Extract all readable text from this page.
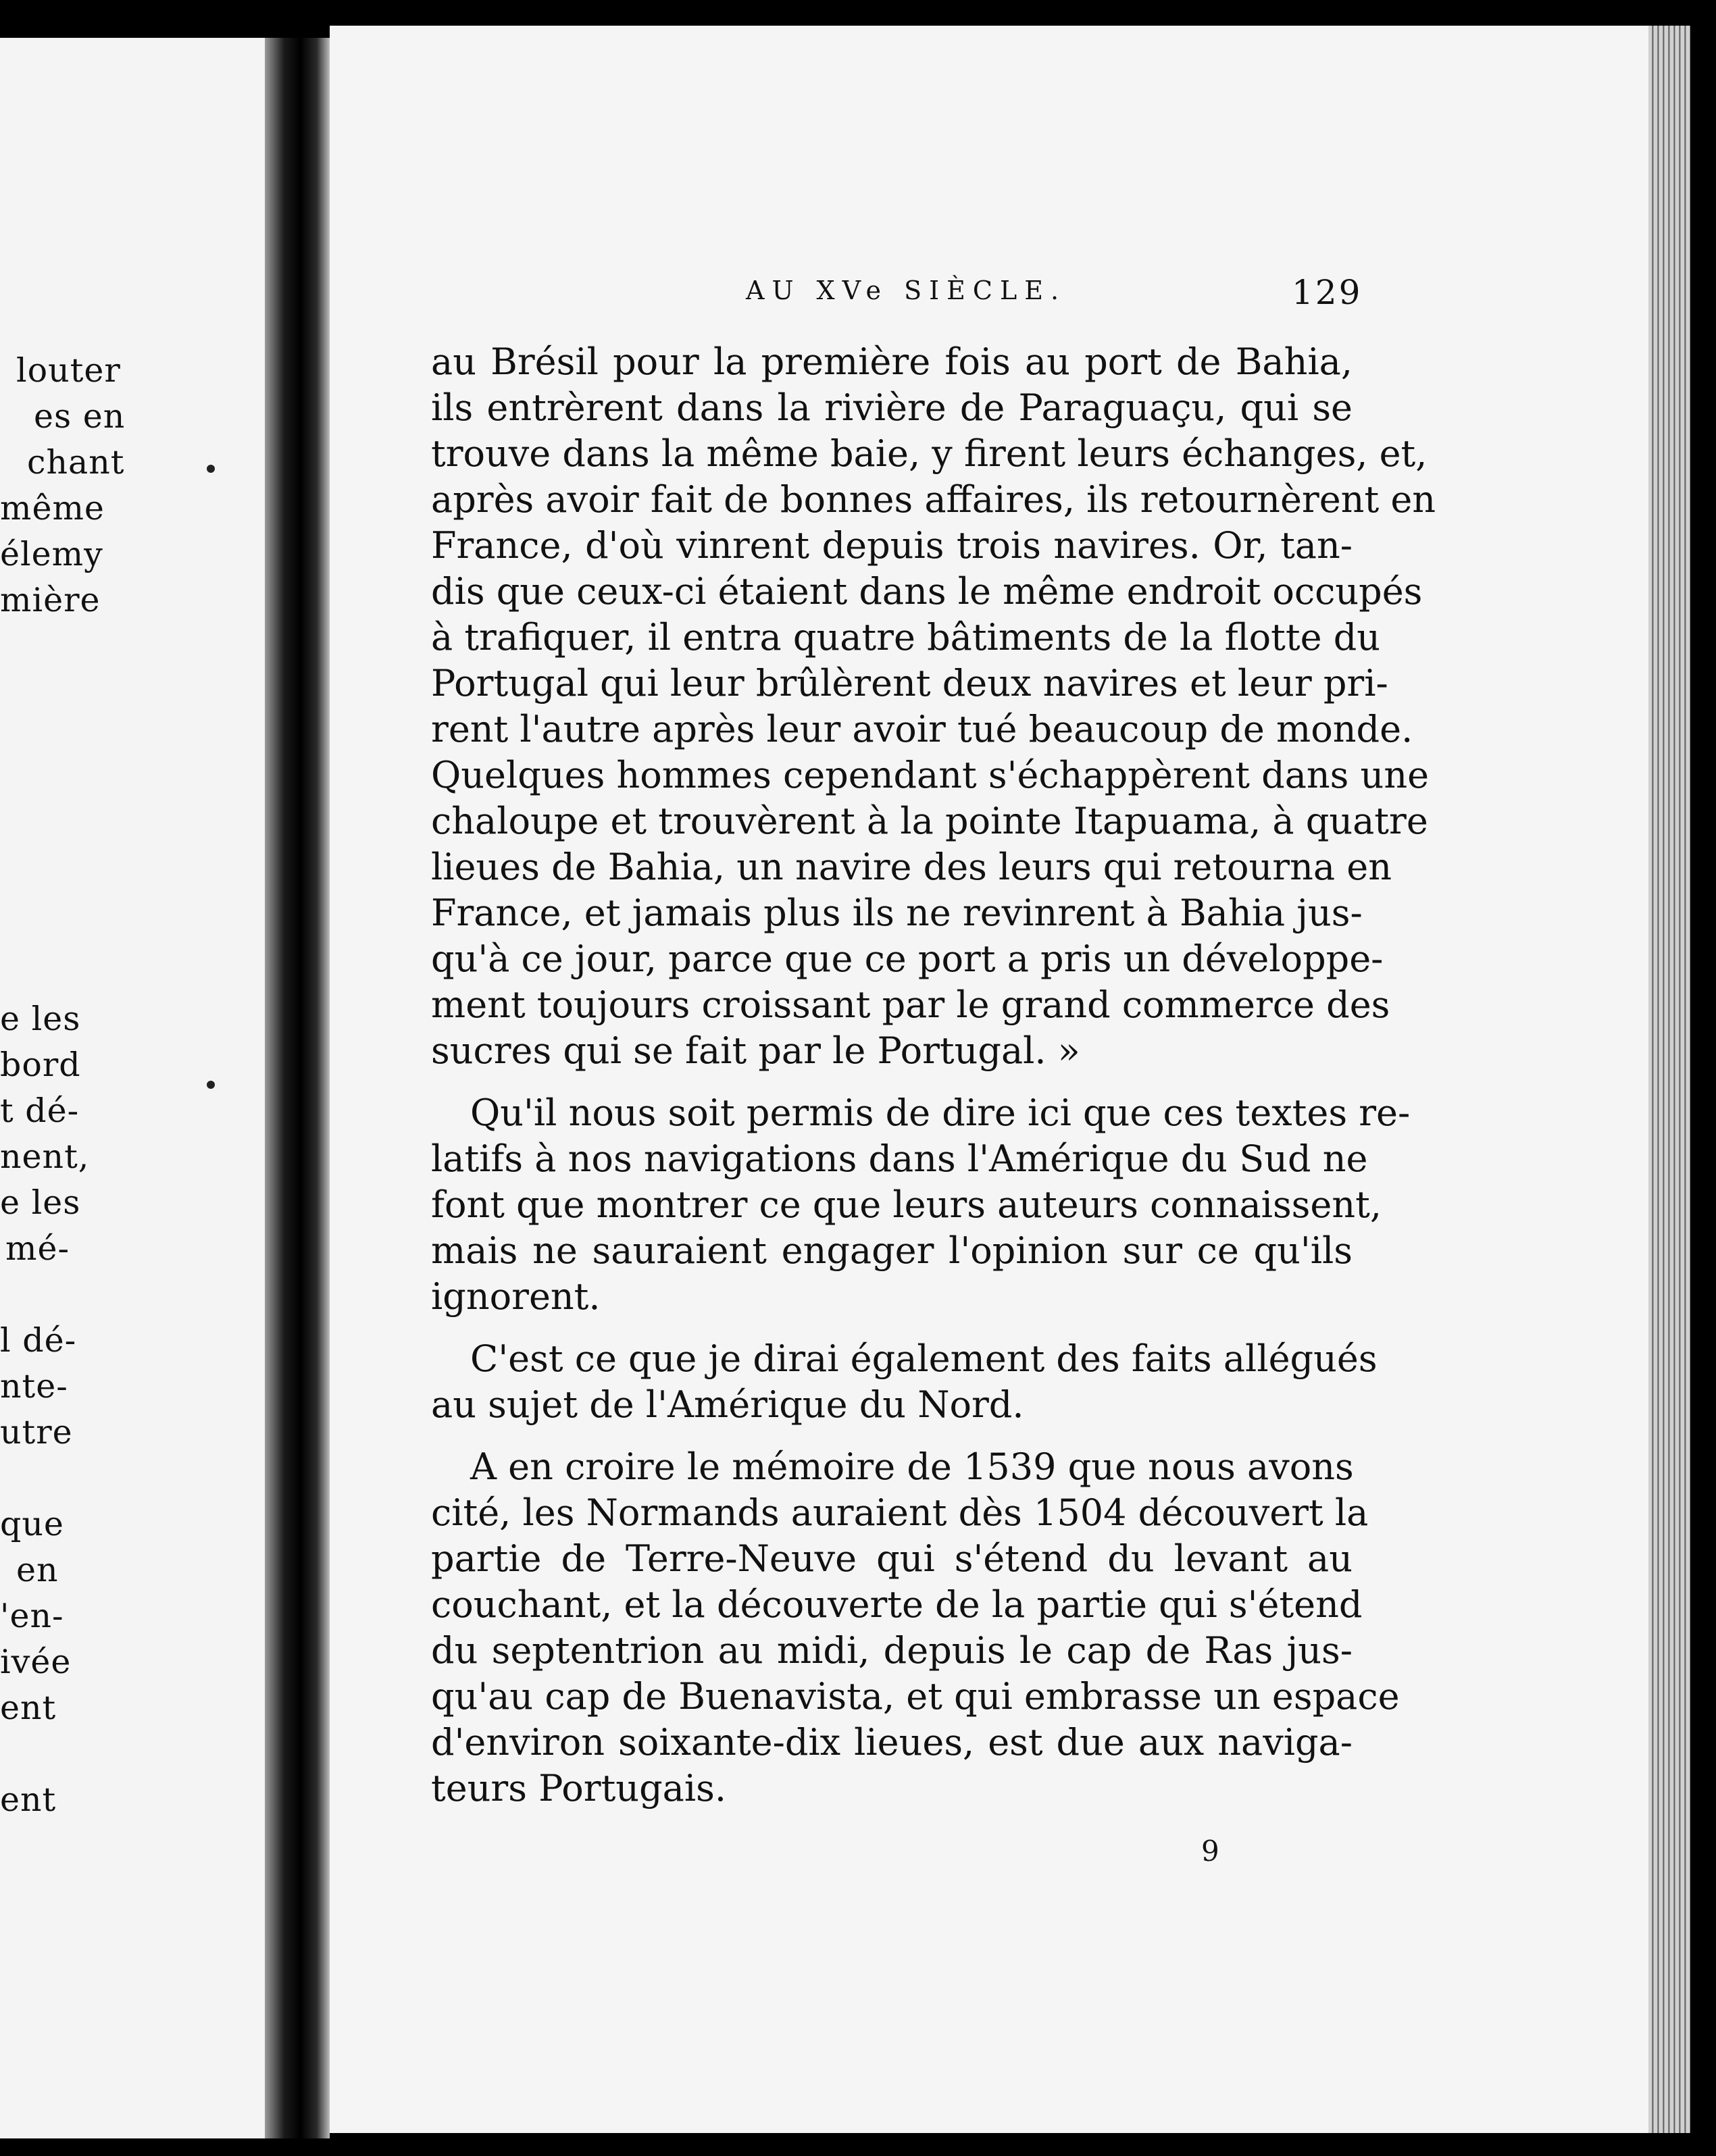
louter
es en
chant
même
élemy
mière
e les
bord
t dé-
nent,
e les
mé-
l dé-
nte-
utre
que
en
'en-
ivée
ent
ent
AU XVe SIÈCLE.	129
au Brésil pour la première fois au port de Bahia,
ils entrèrent dans la rivière de Paraguaçu, qui se
trouve dans la même baie, y firent leurs échanges, et,
après avoir fait de bonnes affaires, ils retournèrent en
France, d'où vinrent depuis trois navires. Or, tan-
dis que ceux-ci étaient dans le même endroit occupés
à trafiquer, il entra quatre bâtiments de la flotte du
Portugal qui leur brûlèrent deux navires et leur pri-
rent l'autre après leur avoir tué beaucoup de monde.
Quelques hommes cependant s'échappèrent dans une
chaloupe et trouvèrent à la pointe Itapuama, à quatre
lieues de Bahia, un navire des leurs qui retourna en
France, et jamais plus ils ne revinrent à Bahia jus-
qu'à ce jour, parce que ce port a pris un développe-
ment toujours croissant par le grand commerce des
sucres qui se fait par le Portugal. »
Qu'il nous soit permis de dire ici que ces textes re-
latifs à nos navigations dans l'Amérique du Sud ne
font que montrer ce que leurs auteurs connaissent,
mais ne sauraient engager l'opinion sur ce qu'ils
ignorent.
C'est ce que je dirai également des faits allégués
au sujet de l'Amérique du Nord.
A en croire le mémoire de 1539 que nous avons
cité, les Normands auraient dès 1504 découvert la
partie de Terre-Neuve qui s'étend du levant au
couchant, et la découverte de la partie qui s'étend
du septentrion au midi, depuis le cap de Ras jus-
qu'au cap de Buenavista, et qui embrasse un espace
d'environ soixante-dix lieues, est due aux naviga-
teurs Portugais.
9
